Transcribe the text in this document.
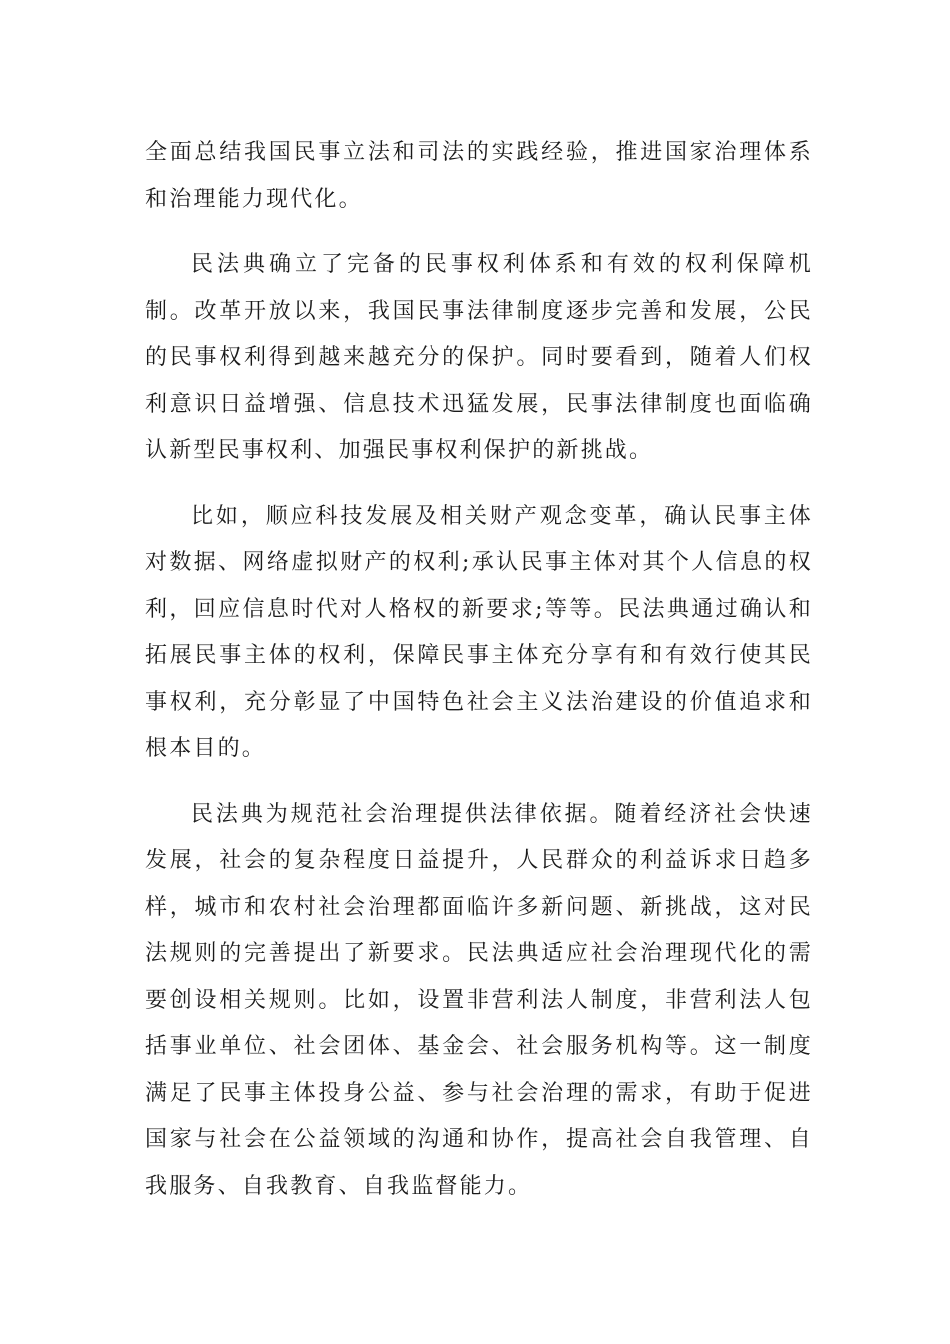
全面总结我国民事立法和司法的实践经验，推进国家治理体系和治理能力现代化。

民法典确立了完备的民事权利体系和有效的权利保障机制。改革开放以来，我国民事法律制度逐步完善和发展，公民的民事权利得到越来越充分的保护。同时要看到，随着人们权利意识日益增强、信息技术迅猛发展，民事法律制度也面临确认新型民事权利、加强民事权利保护的新挑战。

比如，顺应科技发展及相关财产观念变革，确认民事主体对数据、网络虚拟财产的权利;承认民事主体对其个人信息的权利，回应信息时代对人格权的新要求;等等。民法典通过确认和拓展民事主体的权利，保障民事主体充分享有和有效行使其民事权利，充分彰显了中国特色社会主义法治建设的价值追求和根本目的。

民法典为规范社会治理提供法律依据。随着经济社会快速发展，社会的复杂程度日益提升，人民群众的利益诉求日趋多样，城市和农村社会治理都面临许多新问题、新挑战，这对民法规则的完善提出了新要求。民法典适应社会治理现代化的需要创设相关规则。比如，设置非营利法人制度，非营利法人包括事业单位、社会团体、基金会、社会服务机构等。这一制度满足了民事主体投身公益、参与社会治理的需求，有助于促进国家与社会在公益领域的沟通和协作，提高社会自我管理、自我服务、自我教育、自我监督能力。
